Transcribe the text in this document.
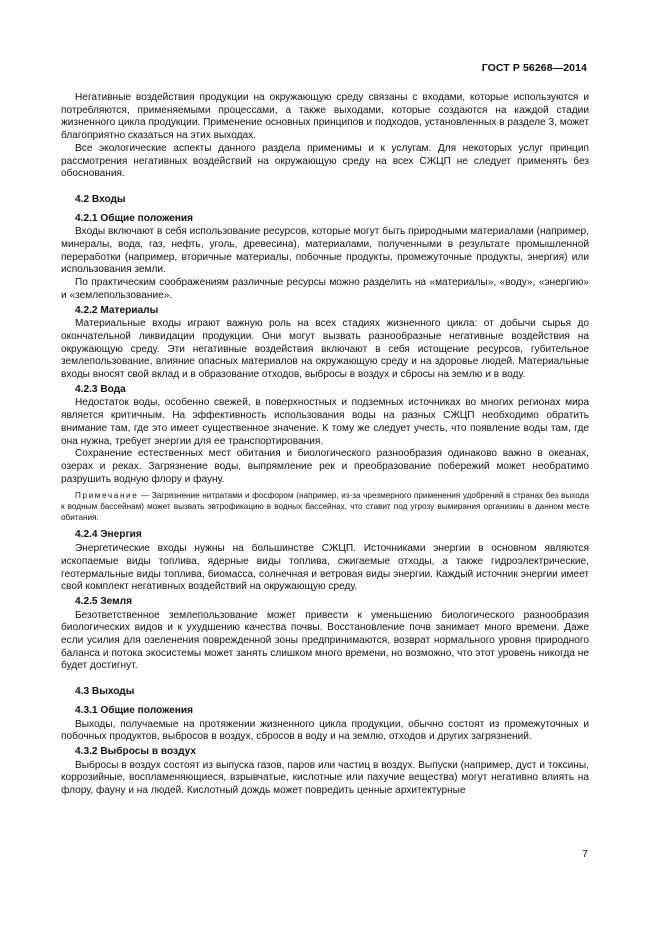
ГОСТ Р 56268—2014

Негативные воздействия продукции на окружающую среду связаны с входами, которые используются и потребляются, применяемыми процессами, а также выходами, которые создаются на каждой стадии жизненного цикла продукции. Применение основных принципов и подходов, установленных в разделе 3, может благоприятно сказаться на этих выходах.

Все экологические аспекты данного раздела применимы и к услугам. Для некоторых услуг принцип рассмотрения негативных воздействий на окружающую среду на всех СЖЦП не следует применять без обоснования.

4.2 Входы
4.2.1 Общие положения

Входы включают в себя использование ресурсов, которые могут быть природными материалами (например, минералы, вода, газ, нефть, уголь, древесина), материалами, полученными в результате промышленной переработки (например, вторичные материалы, побочные продукты, промежуточные продукты, энергия) или использования земли.

По практическим соображениям различные ресурсы можно разделить на «материалы», «воду», «энергию» и «землепользование».

4.2.2 Материалы

Материальные входы играют важную роль на всех стадиях жизненного цикла: от добычи сырья до окончательной ликвидации продукции. Они могут вызвать разнообразные негативные воздействия на окружающую среду. Эти негативные воздействия включают в себя истощение ресурсов, губительное землепользование, влияние опасных материалов на окружающую среду и на здоровье людей. Материальные входы вносят свой вклад и в образование отходов, выбросы в воздух и сбросы на землю и в воду.

4.2.3 Вода

Недостаток воды, особенно свежей, в поверхностных и подземных источниках во многих регионах мира является критичным. На эффективность использования воды на разных СЖЦП необходимо обратить внимание там, где это имеет существенное значение. К тому же следует учесть, что появление воды там, где она нужна, требует энергии для ее транспортирования.

Сохранение естественных мест обитания и биологического разнообразия одинаково важно в океанах, озерах и реках. Загрязнение воды, выпрямление рек и преобразование побережий может необратимо разрушить водную флору и фауну.

Примечание — Загрязнение нитратами и фосфором (например, из-за чрезмерного применения удобрений в странах без выхода к водным бассейнам) может вызвать эвтрофикацию в водных бассейнах, что ставит под угрозу вымирания организмы в данном месте обитания.

4.2.4 Энергия

Энергетические входы нужны на большинстве СЖЦП. Источниками энергии в основном являются ископаемые виды топлива, ядерные виды топлива, сжигаемые отходы, а также гидроэлектрические, геотермальные виды топлива, биомасса, солнечная и ветровая виды энергии. Каждый источник энергии имеет свой комплект негативных воздействий на окружающую среду.

4.2.5 Земля

Безответственное землепользование может привести к уменьшению биологического разнообразия биологических видов и к ухудшению качества почвы. Восстановление почв занимает много времени. Даже если усилия для озеленения поврежденной зоны предпринимаются, возврат нормального уровня природного баланса и потока экосистемы может занять слишком много времени, но возможно, что этот уровень никогда не будет достигнут.

4.3 Выходы
4.3.1 Общие положения

Выходы, получаемые на протяжении жизненного цикла продукции, обычно состоят из промежуточных и побочных продуктов, выбросов в воздух, сбросов в воду и на землю, отходов и других загрязнений.

4.3.2 Выбросы в воздух

Выбросы в воздух состоят из выпуска газов, паров или частиц в воздух. Выпуски (например, дуст и токсины, коррозийные, воспламеняющиеся, взрывчатые, кислотные или пахучие вещества) могут негативно влиять на флору, фауну и на людей. Кислотный дождь может повредить ценные архитектурные

7
